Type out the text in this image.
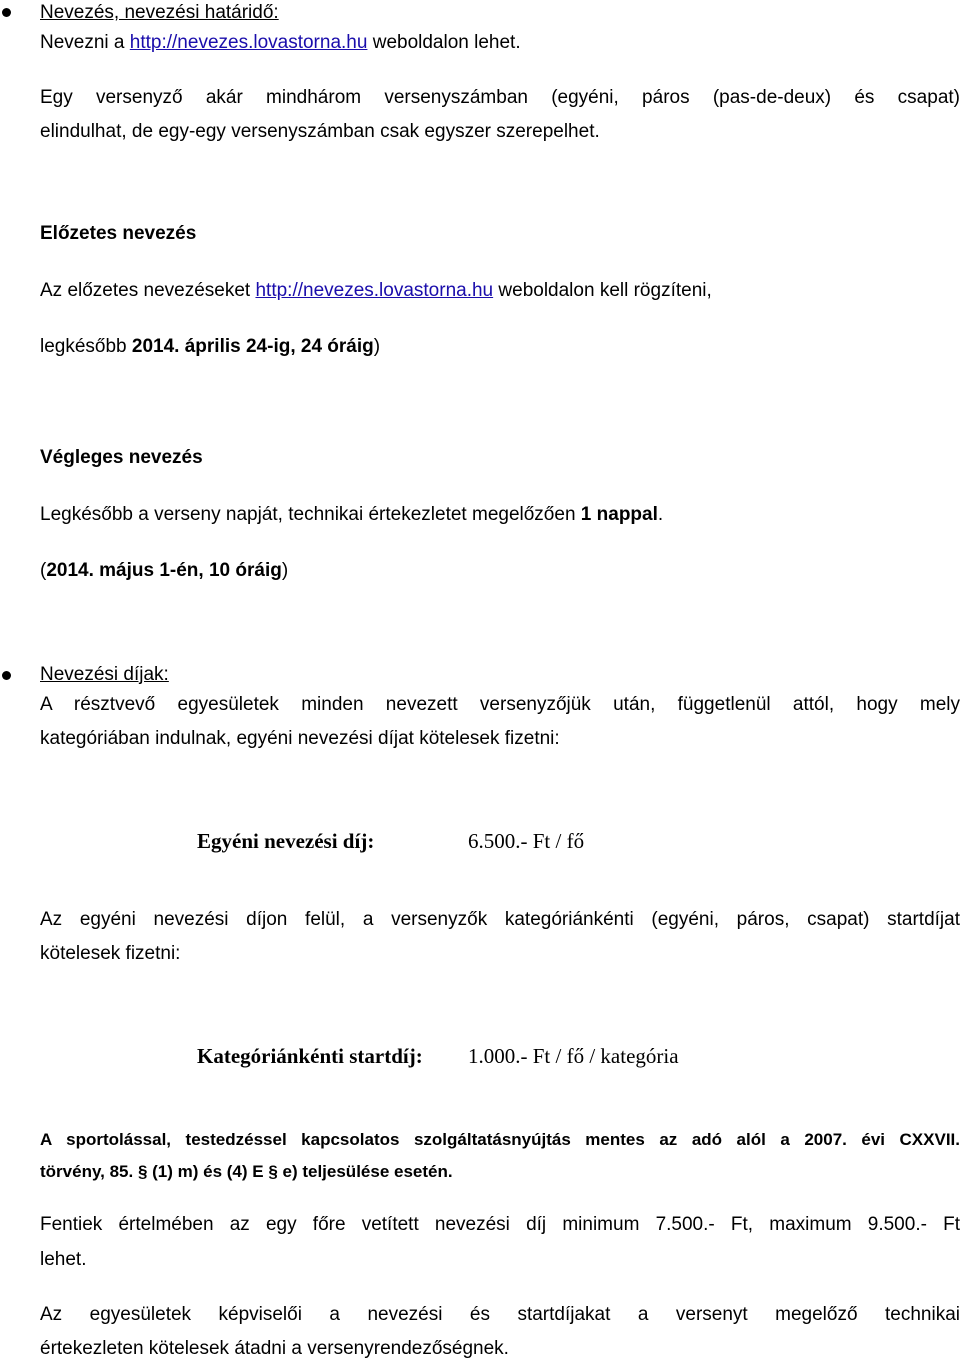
Nevezés, nevezési határidő:
Nevezni a http://nevezes.lovastorna.hu weboldalon lehet.
Egy versenyző akár mindhárom versenyszámban (egyéni, páros (pas-de-deux) és csapat)
elindulhat, de egy-egy versenyszámban csak egyszer szerepelhet.
Előzetes nevezés
Az előzetes nevezéseket http://nevezes.lovastorna.hu weboldalon kell rögzíteni,
legkésőbb 2014. április 24-ig, 24 óráig)
Végleges nevezés
Legkésőbb a verseny napját, technikai értekezletet megelőzően 1 nappal.
(2014. május 1-én, 10 óráig)
Nevezési díjak:
A résztvevő egyesületek minden nevezett versenyzőjük után, függetlenül attól, hogy mely
kategóriában indulnak, egyéni nevezési díjat kötelesek fizetni:
Egyéni nevezési díj:	6.500.- Ft / fő
Az egyéni nevezési díjon felül, a versenyzők kategóriánkénti (egyéni, páros, csapat) startdíjat
kötelesek fizetni:
Kategóriánkénti startdíj: 1.000.- Ft / fő / kategória
A sportolással, testedzéssel kapcsolatos szolgáltatásnyújtás mentes az adó alól a 2007. évi CXXVII.
törvény, 85. § (1) m) és (4) E § e) teljesülése esetén.
Fentiek értelmében az egy főre vetített nevezési díj minimum 7.500.- Ft, maximum 9.500.- Ft
lehet.
Az egyesületek képviselői a nevezési és startdíjakat a versenyt megelőző technikai
értekezleten kötelesek átadni a versenyrendezőségnek.
